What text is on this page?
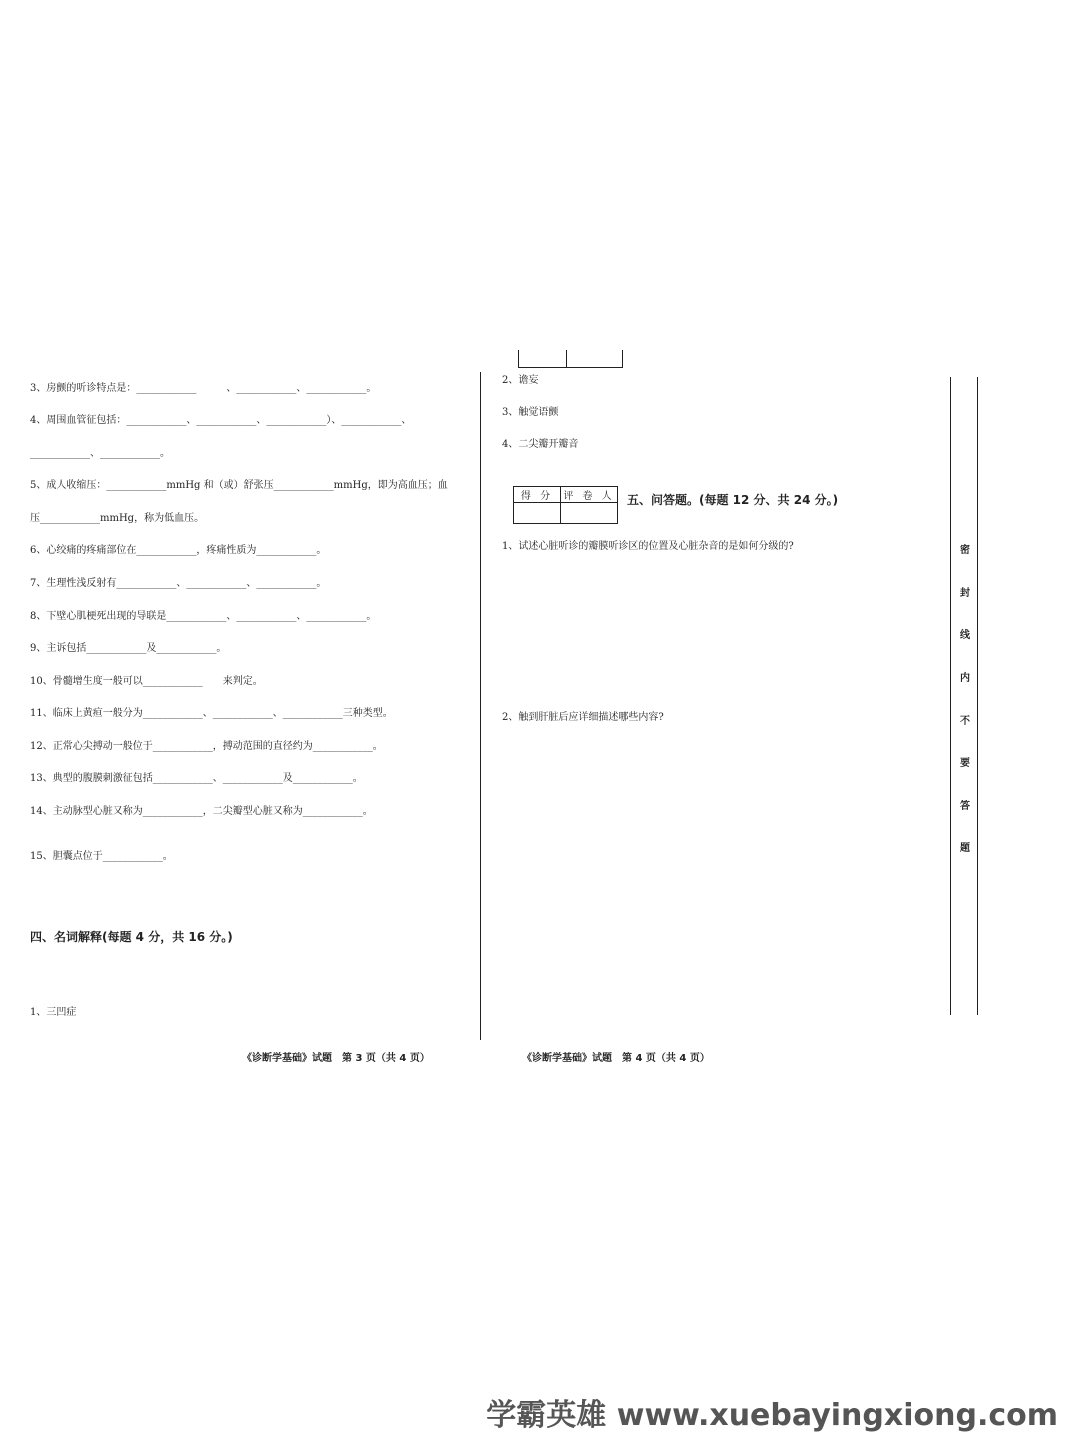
3、房颤的听诊特点是：____________　　　、____________、____________。
4、周围血管征包括：____________、____________、____________）、____________、
____________、____________。
5、成人收缩压：____________mmHg 和（或）舒张压____________mmHg，即为高血压；血
压____________mmHg，称为低血压。
6、心绞痛的疼痛部位在____________，疼痛性质为____________。
7、生理性浅反射有____________、____________、____________。
8、下壁心肌梗死出现的导联是____________、____________、____________。
9、主诉包括____________及____________。
10、骨髓增生度一般可以____________　　来判定。
11、临床上黄疸一般分为____________、____________、____________三种类型。
12、正常心尖搏动一般位于____________，搏动范围的直径约为____________。
13、典型的腹膜刺激征包括____________、____________及____________。
14、主动脉型心脏又称为____________，二尖瓣型心脏又称为____________。
15、胆囊点位于____________。
四、名词解释(每题 4 分，共 16 分。)
1、三凹症
2、谵妄
3、触觉语颤
4、二尖瓣开瓣音
得 分	评 卷 人
	五、问答题。(每题 12 分、共 24 分。)
1、试述心脏听诊的瓣膜听诊区的位置及心脏杂音的是如何分级的?
2、触到肝脏后应详细描述哪些内容?
密
封
线
内
不
要
答
题
《诊断学基础》试题　第 3 页（共 4 页）	《诊断学基础》试题　第 4 页（共 4 页）
学霸英雄 www.xuebayingxiong.com
